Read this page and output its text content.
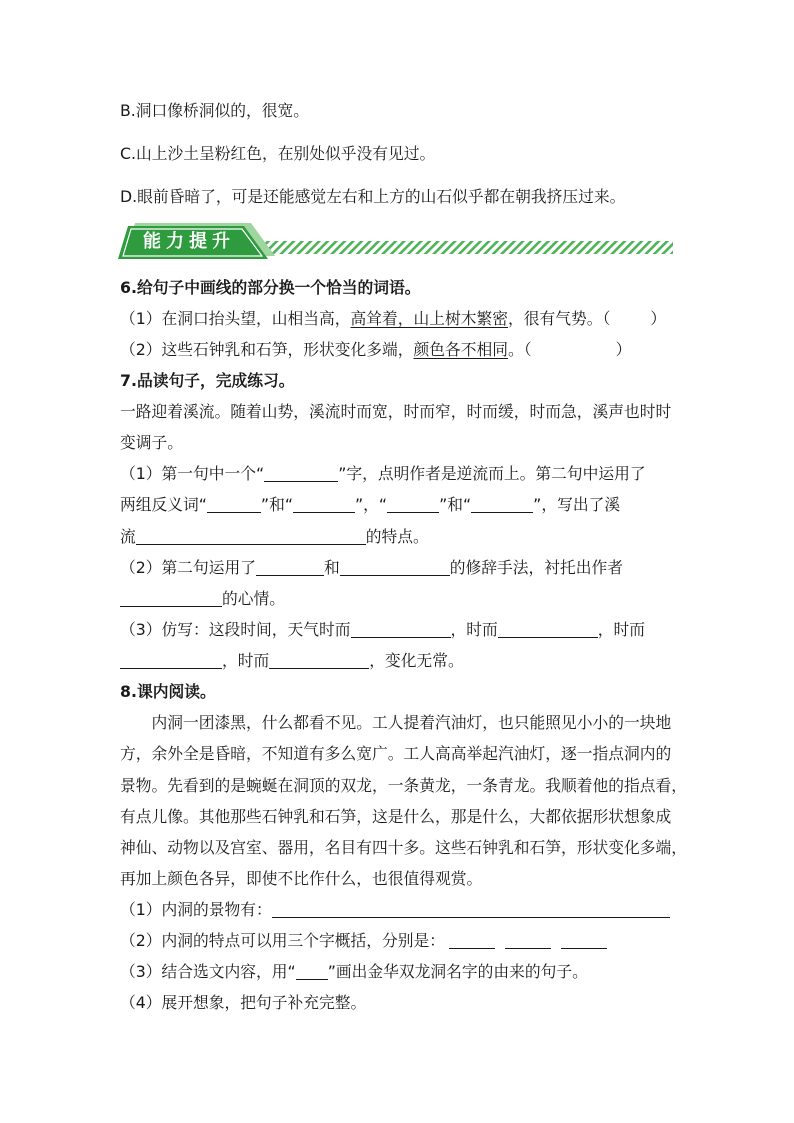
B.洞口像桥洞似的，很宽。
C.山上沙土呈粉红色，在别处似乎没有见过。
D.眼前昏暗了，可是还能感觉左右和上方的山石似乎都在朝我挤压过来。
能力提升
6.给句子中画线的部分换一个恰当的词语。
（1）在洞口抬头望，山相当高，高耸着，山上树木繁密，很有气势。（	）
（2）这些石钟乳和石笋，形状变化多端，颜色各不相同。（	）
7.品读句子，完成练习。
一路迎着溪流。随着山势，溪流时而宽，时而窄，时而缓，时而急，溪声也时时
变调子。
（1）第一句中一个“	”字，点明作者是逆流而上。第二句中运用了
两组反义词“	”和“	”，“	”和“	”，写出了溪
流	的特点。
（2）第二句运用了	和	的修辞手法，衬托出作者
的心情。
（3）仿写：这段时间，天气时而	，时而	，时而
，时而	，变化无常。
8.课内阅读。
内洞一团漆黑，什么都看不见。工人提着汽油灯，也只能照见小小的一块地
方，余外全是昏暗，不知道有多么宽广。工人高高举起汽油灯，逐一指点洞内的
景物。先看到的是蜿蜒在洞顶的双龙，一条黄龙，一条青龙。我顺着他的指点看，
有点儿像。其他那些石钟乳和石笋，这是什么，那是什么，大都依据形状想象成
神仙、动物以及宫室、器用，名目有四十多。这些石钟乳和石笋，形状变化多端，
再加上颜色各异，即使不比作什么，也很值得观赏。
（1）内洞的景物有：
（2）内洞的特点可以用三个字概括，分别是：
（3）结合选文内容，用“ ”画出金华双龙洞名字的由来的句子。
（4）展开想象，把句子补充完整。
